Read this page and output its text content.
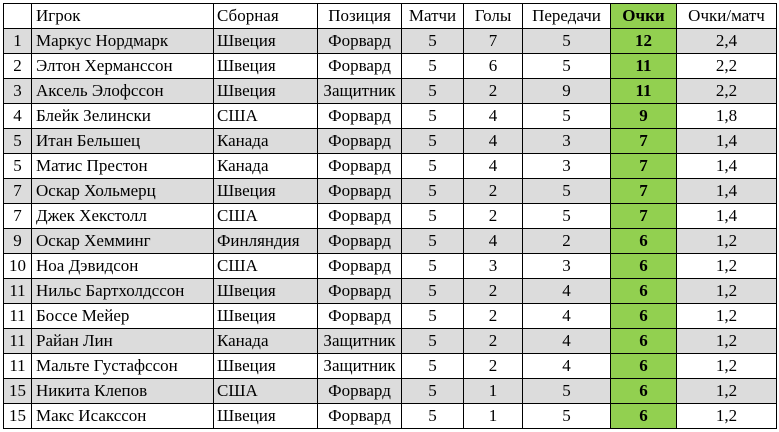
	Игрок	Сборная	Позиция	Матчи	Голы	Передачи	Очки	Очки/матч
1	Маркус Нордмарк	Швеция	Форвард	5	7	5	12	2,4
2	Элтон Херманссон	Швеция	Форвард	5	6	5	11	2,2
3	Аксель Элофссон	Швеция	Защитник	5	2	9	11	2,2
4	Блейк Зелински	США	Форвард	5	4	5	9	1,8
5	Итан Бельшец	Канада	Форвард	5	4	3	7	1,4
5	Матис Престон	Канада	Форвард	5	4	3	7	1,4
7	Оскар Хольмерц	Швеция	Форвард	5	2	5	7	1,4
7	Джек Хекстолл	США	Форвард	5	2	5	7	1,4
9	Оскар Хемминг	Финляндия	Форвард	5	4	2	6	1,2
10	Ноа Дэвидсон	США	Форвард	5	3	3	6	1,2
11	Нильс Бартхолдссон	Швеция	Форвард	5	2	4	6	1,2
11	Боссе Мейер	Швеция	Форвард	5	2	4	6	1,2
11	Райан Лин	Канада	Защитник	5	2	4	6	1,2
11	Мальте Густафссон	Швеция	Защитник	5	2	4	6	1,2
15	Никита Клепов	США	Форвард	5	1	5	6	1,2
15	Макс Исакссон	Швеция	Форвард	5	1	5	6	1,2
